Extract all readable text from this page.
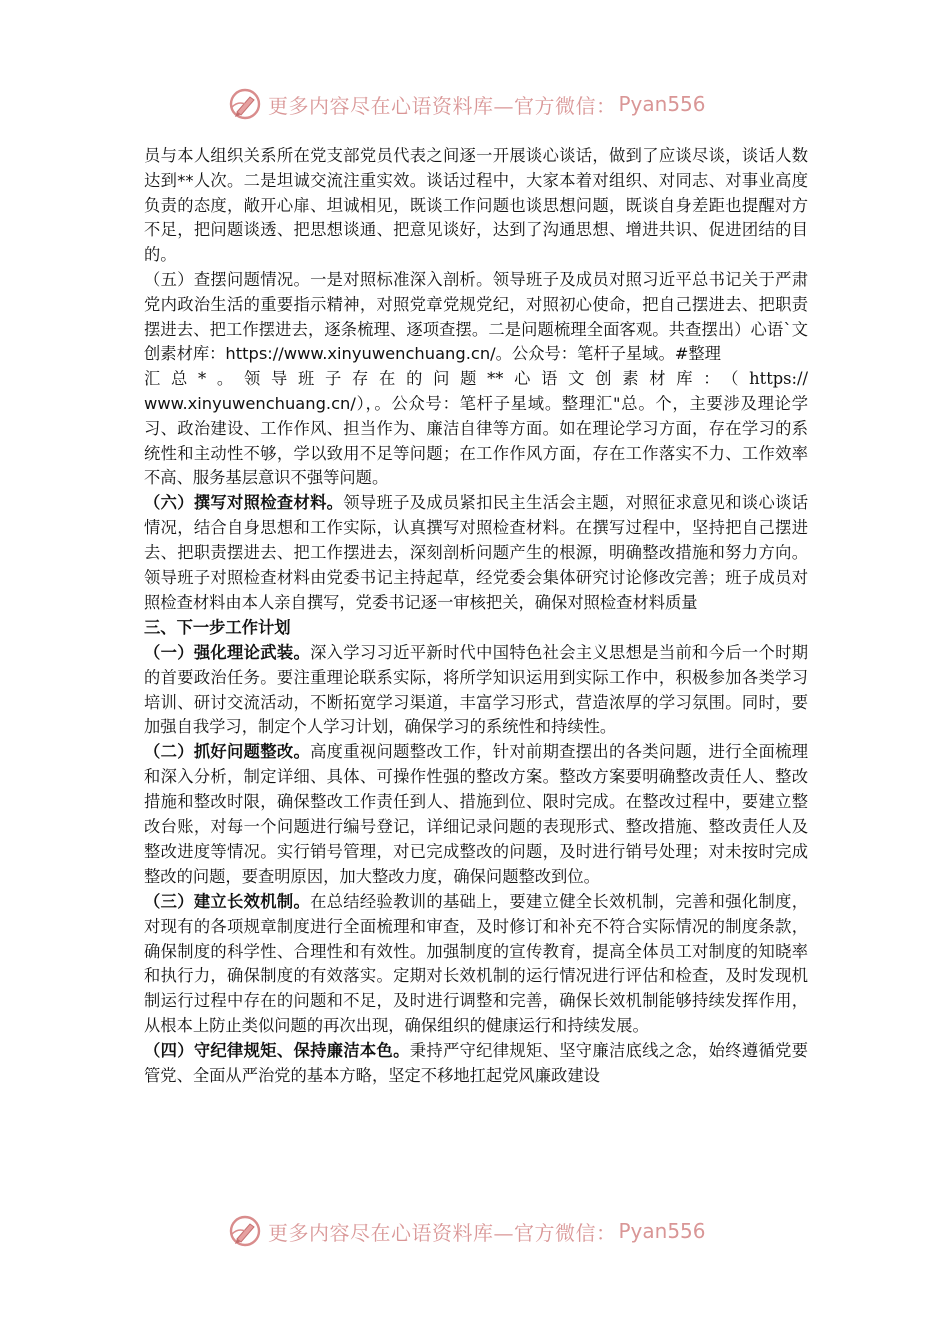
更多内容尽在心语资料库—官方微信： Pyan556

员与本人组织关系所在党支部党员代表之间逐一开展谈心谈话，做到了应谈尽谈，谈话人数达到**人次。二是坦诚交流注重实效。谈话过程中，大家本着对组织、对同志、对事业高度负责的态度，敞开心扉、坦诚相见，既谈工作问题也谈思想问题，既谈自身差距也提醒对方不足，把问题谈透、把思想谈通、把意见谈好，达到了沟通思想、增进共识、促进团结的目的。

（五）查摆问题情况。一是对照标准深入剖析。领导班子及成员对照习近平总书记关于严肃党内政治生活的重要指示精神，对照党章党规党纪，对照初心使命，把自己摆进去、把职责摆进去、把工作摆进去，逐条梳理、逐项查摆。二是问题梳理全面客观。共查摆出）心语`文创素材库：https://www.xinyuwenchuang.cn/。公众号：笔杆子星域。#整理

汇总*。领导班子存在的问题**心语文创素材库：（https://

www.xinyuwenchuang.cn/），。公众号：笔杆子星域。整理汇"总。个，主要涉及理论学习、政治建设、工作作风、担当作为、廉洁自律等方面。如在理论学习方面，存在学习的系统性和主动性不够，学以致用不足等问题；在工作作风方面，存在工作落实不力、工作效率不高、服务基层意识不强等问题。

（六）撰写对照检查材料。领导班子及成员紧扣民主生活会主题，对照征求意见和谈心谈话情况，结合自身思想和工作实际，认真撰写对照检查材料。在撰写过程中，坚持把自己摆进去、把职责摆进去、把工作摆进去，深刻剖析问题产生的根源，明确整改措施和努力方向。领导班子对照检查材料由党委书记主持起草，经党委会集体研究讨论修改完善；班子成员对照检查材料由本人亲自撰写，党委书记逐一审核把关，确保对照检查材料质量

三、下一步工作计划

（一）强化理论武装。深入学习习近平新时代中国特色社会主义思想是当前和今后一个时期的首要政治任务。要注重理论联系实际，将所学知识运用到实际工作中，积极参加各类学习培训、研讨交流活动，不断拓宽学习渠道，丰富学习形式，营造浓厚的学习氛围。同时，要加强自我学习，制定个人学习计划，确保学习的系统性和持续性。

（二）抓好问题整改。高度重视问题整改工作，针对前期查摆出的各类问题，进行全面梳理和深入分析，制定详细、具体、可操作性强的整改方案。整改方案要明确整改责任人、整改措施和整改时限，确保整改工作责任到人、措施到位、限时完成。在整改过程中，要建立整改台账，对每一个问题进行编号登记，详细记录问题的表现形式、整改措施、整改责任人及整改进度等情况。实行销号管理，对已完成整改的问题，及时进行销号处理；对未按时完成整改的问题，要查明原因，加大整改力度，确保问题整改到位。

（三）建立长效机制。在总结经验教训的基础上，要建立健全长效机制，完善和强化制度，对现有的各项规章制度进行全面梳理和审查，及时修订和补充不符合实际情况的制度条款，确保制度的科学性、合理性和有效性。加强制度的宣传教育，提高全体员工对制度的知晓率和执行力，确保制度的有效落实。定期对长效机制的运行情况进行评估和检查，及时发现机制运行过程中存在的问题和不足，及时进行调整和完善，确保长效机制能够持续发挥作用，从根本上防止类似问题的再次出现，确保组织的健康运行和持续发展。

（四）守纪律规矩、保持廉洁本色。秉持严守纪律规矩、坚守廉洁底线之念，始终遵循党要管党、全面从严治党的基本方略，坚定不移地扛起党风廉政建设

更多内容尽在心语资料库—官方微信： Pyan556
